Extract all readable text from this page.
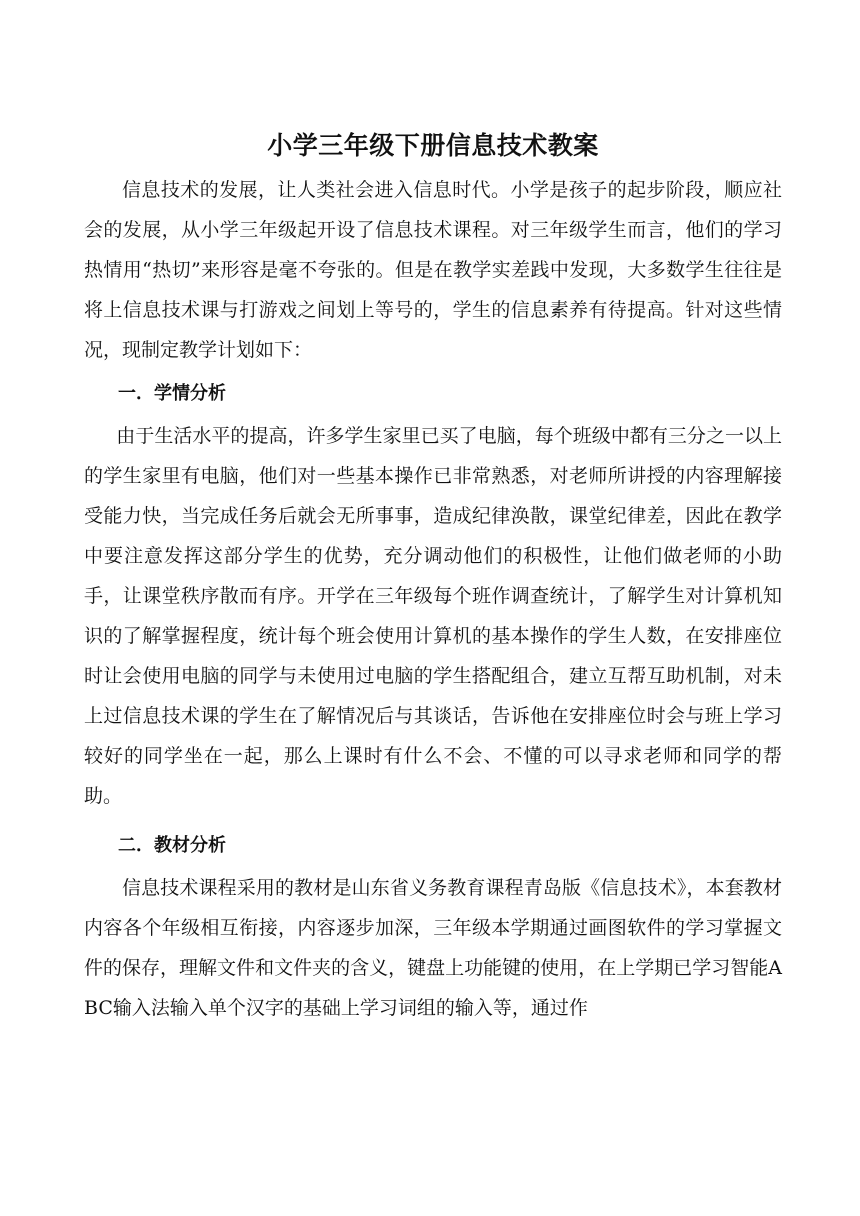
小学三年级下册信息技术教案

信息技术的发展，让人类社会进入信息时代。小学是孩子的起步阶段，顺应社会的发展，从小学三年级起开设了信息技术课程。对三年级学生而言，他们的学习热情用“热切”来形容是毫不夸张的。但是在教学实差践中发现，大多数学生往往是将上信息技术课与打游戏之间划上等号的，学生的信息素养有待提高。针对这些情况，现制定教学计划如下：

一．学情分析

由于生活水平的提高，许多学生家里已买了电脑，每个班级中都有三分之一以上的学生家里有电脑，他们对一些基本操作已非常熟悉，对老师所讲授的内容理解接受能力快，当完成任务后就会无所事事，造成纪律涣散，课堂纪律差，因此在教学中要注意发挥这部分学生的优势，充分调动他们的积极性，让他们做老师的小助手，让课堂秩序散而有序。开学在三年级每个班作调查统计，了解学生对计算机知识的了解掌握程度，统计每个班会使用计算机的基本操作的学生人数，在安排座位时让会使用电脑的同学与未使用过电脑的学生搭配组合，建立互帮互助机制，对未上过信息技术课的学生在了解情况后与其谈话，告诉他在安排座位时会与班上学习较好的同学坐在一起，那么上课时有什么不会、不懂的可以寻求老师和同学的帮助。

二．教材分析

信息技术课程采用的教材是山东省义务教育课程青岛版《信息技术》，本套教材内容各个年级相互衔接，内容逐步加深，三年级本学期通过画图软件的学习掌握文件的保存，理解文件和文件夹的含义，键盘上功能键的使用，在上学期已学习智能ABC输入法输入单个汉字的基础上学习词组的输入等，通过作
